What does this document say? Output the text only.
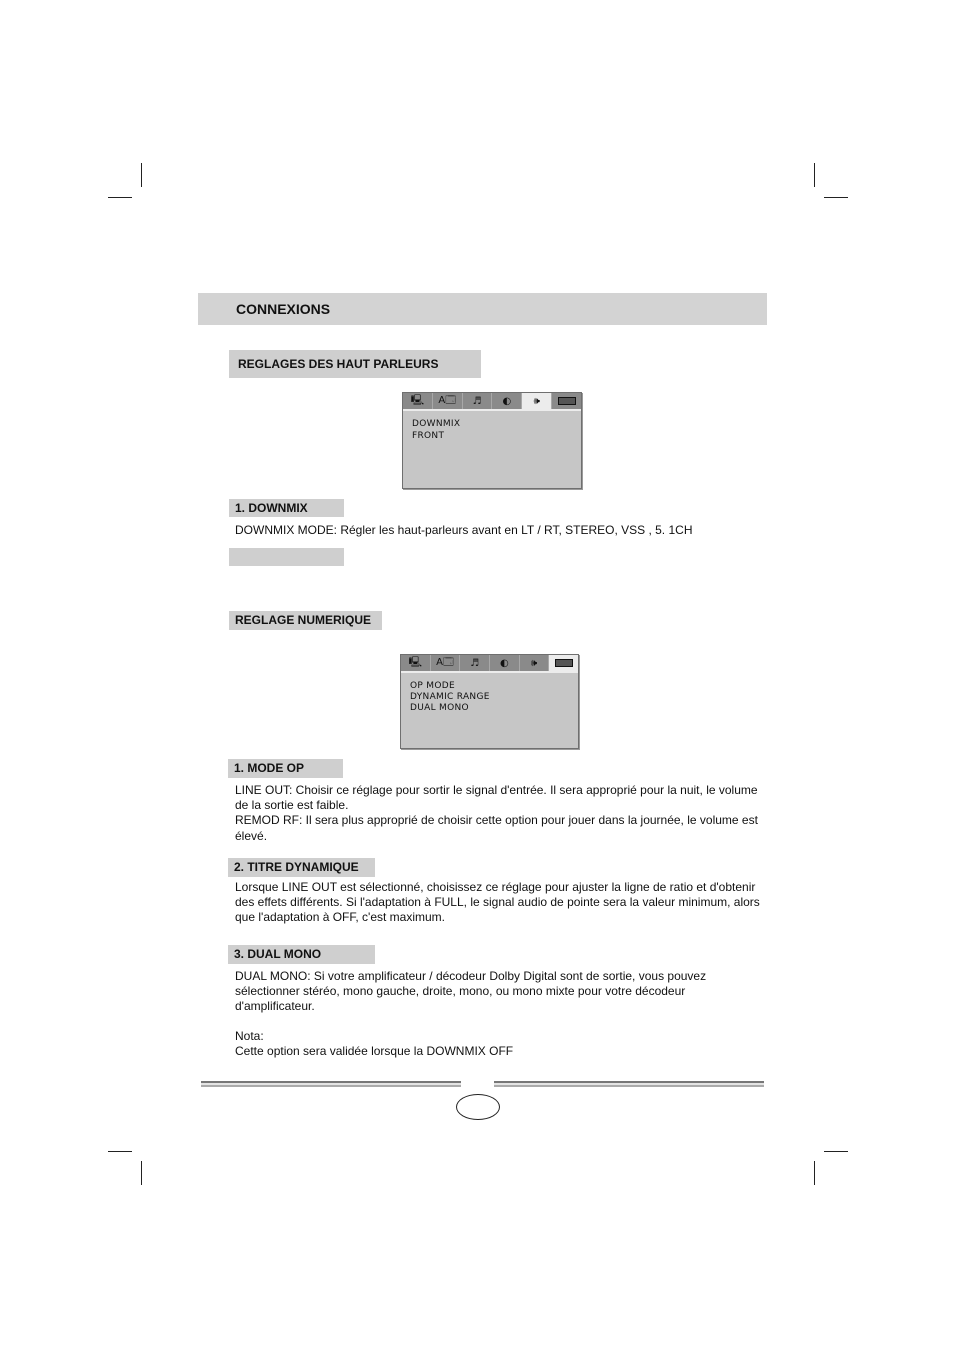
CONNEXIONS
REGLAGES DES HAUT PARLEURS
🖳	A🗔	♬	◐	🕪
DOWNMIX
FRONT
1. DOWNMIX
DOWNMIX MODE: Régler les haut-parleurs avant en LT / RT, STEREO, VSS , 5. 1CH
REGLAGE NUMERIQUE
🖳	A🗔	♬	◐	🕪
OP MODE
DYNAMIC RANGE
DUAL MONO
1. MODE OP

LINE OUT: Choisir ce réglage pour sortir le signal d'entrée. Il sera approprié pour la nuit, le volume de la sortie est faible.

REMOD RF: Il sera plus approprié de choisir cette option pour jouer dans la journée, le volume est élevé.

2. TITRE DYNAMIQUE
Lorsque LINE OUT est sélectionné, choisissez ce réglage pour ajuster la ligne de ratio et d'obtenir des effets différents. Si l'adaptation à FULL, le signal audio de pointe sera la valeur minimum, alors que l'adaptation à OFF, c'est maximum.
3. DUAL MONO

DUAL MONO: Si votre amplificateur / décodeur Dolby Digital sont de sortie, vous pouvez sélectionner stéréo, mono gauche, droite, mono, ou mono mixte pour votre décodeur d'amplificateur.

Nota:

Cette option sera validée lorsque la DOWNMIX OFF
